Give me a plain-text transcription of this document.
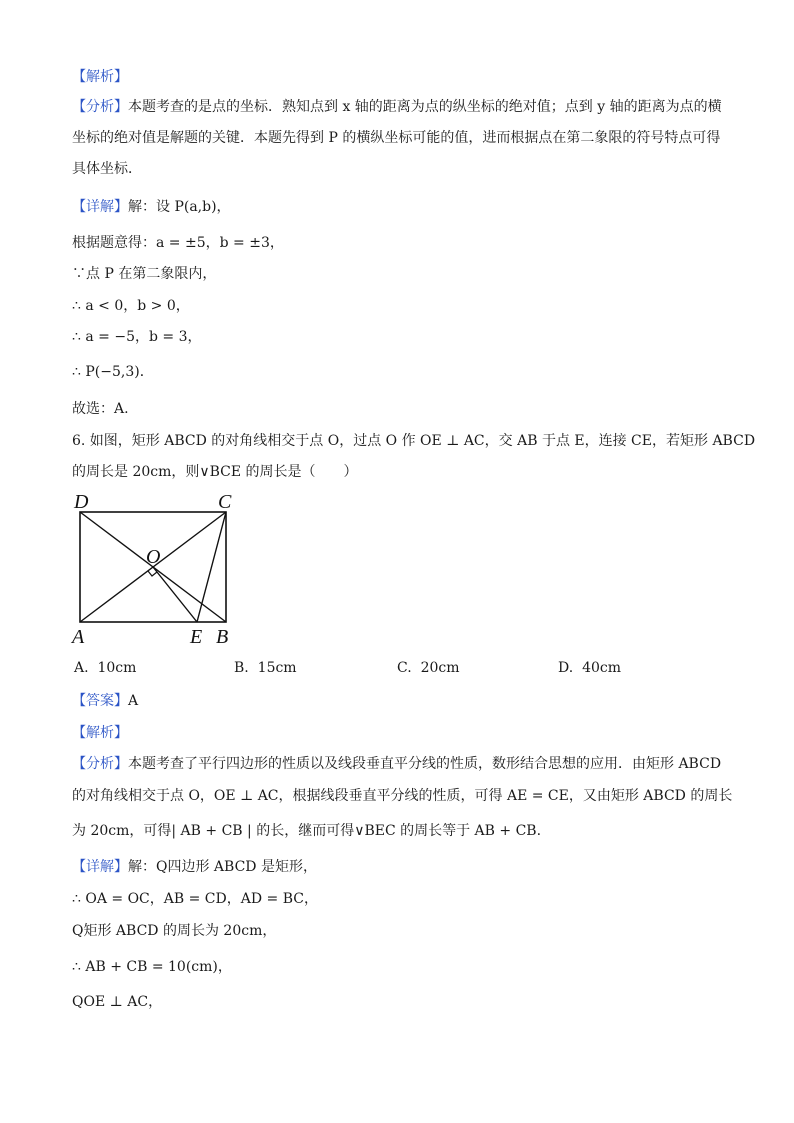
【解析】
【分析】本题考查的是点的坐标．熟知点到 x 轴的距离为点的纵坐标的绝对值；点到 y 轴的距离为点的横
坐标的绝对值是解题的关键．本题先得到 P 的横纵坐标可能的值，进而根据点在第二象限的符号特点可得
具体坐标．
【详解】解：设 P(a,b)，
根据题意得：a = ±5，b = ±3，
∵点 P 在第二象限内，
∴ a < 0，b > 0，
∴ a = −5，b = 3，
∴ P(−5,3)．
故选：A.
6. 如图，矩形 ABCD 的对角线相交于点 O，过点 O 作 OE ⊥ AC，交 AB 于点 E，连接 CE，若矩形 ABCD
的周长是 20cm，则∨BCE 的周长是（　　）
D	C
O
A	E B
A. 10cm	B. 15cm	C. 20cm	D. 40cm
【答案】A
【解析】
【分析】本题考查了平行四边形的性质以及线段垂直平分线的性质，数形结合思想的应用．由矩形 ABCD
的对角线相交于点 O，OE ⊥ AC，根据线段垂直平分线的性质，可得 AE = CE，又由矩形 ABCD 的周长
为 20cm，可得| AB + CB | 的长，继而可得∨BEC 的周长等于 AB + CB.
【详解】解：Q四边形 ABCD 是矩形，
∴ OA = OC，AB = CD，AD = BC，
Q矩形 ABCD 的周长为 20cm，
∴ AB + CB = 10(cm)，
QOE ⊥ AC，
